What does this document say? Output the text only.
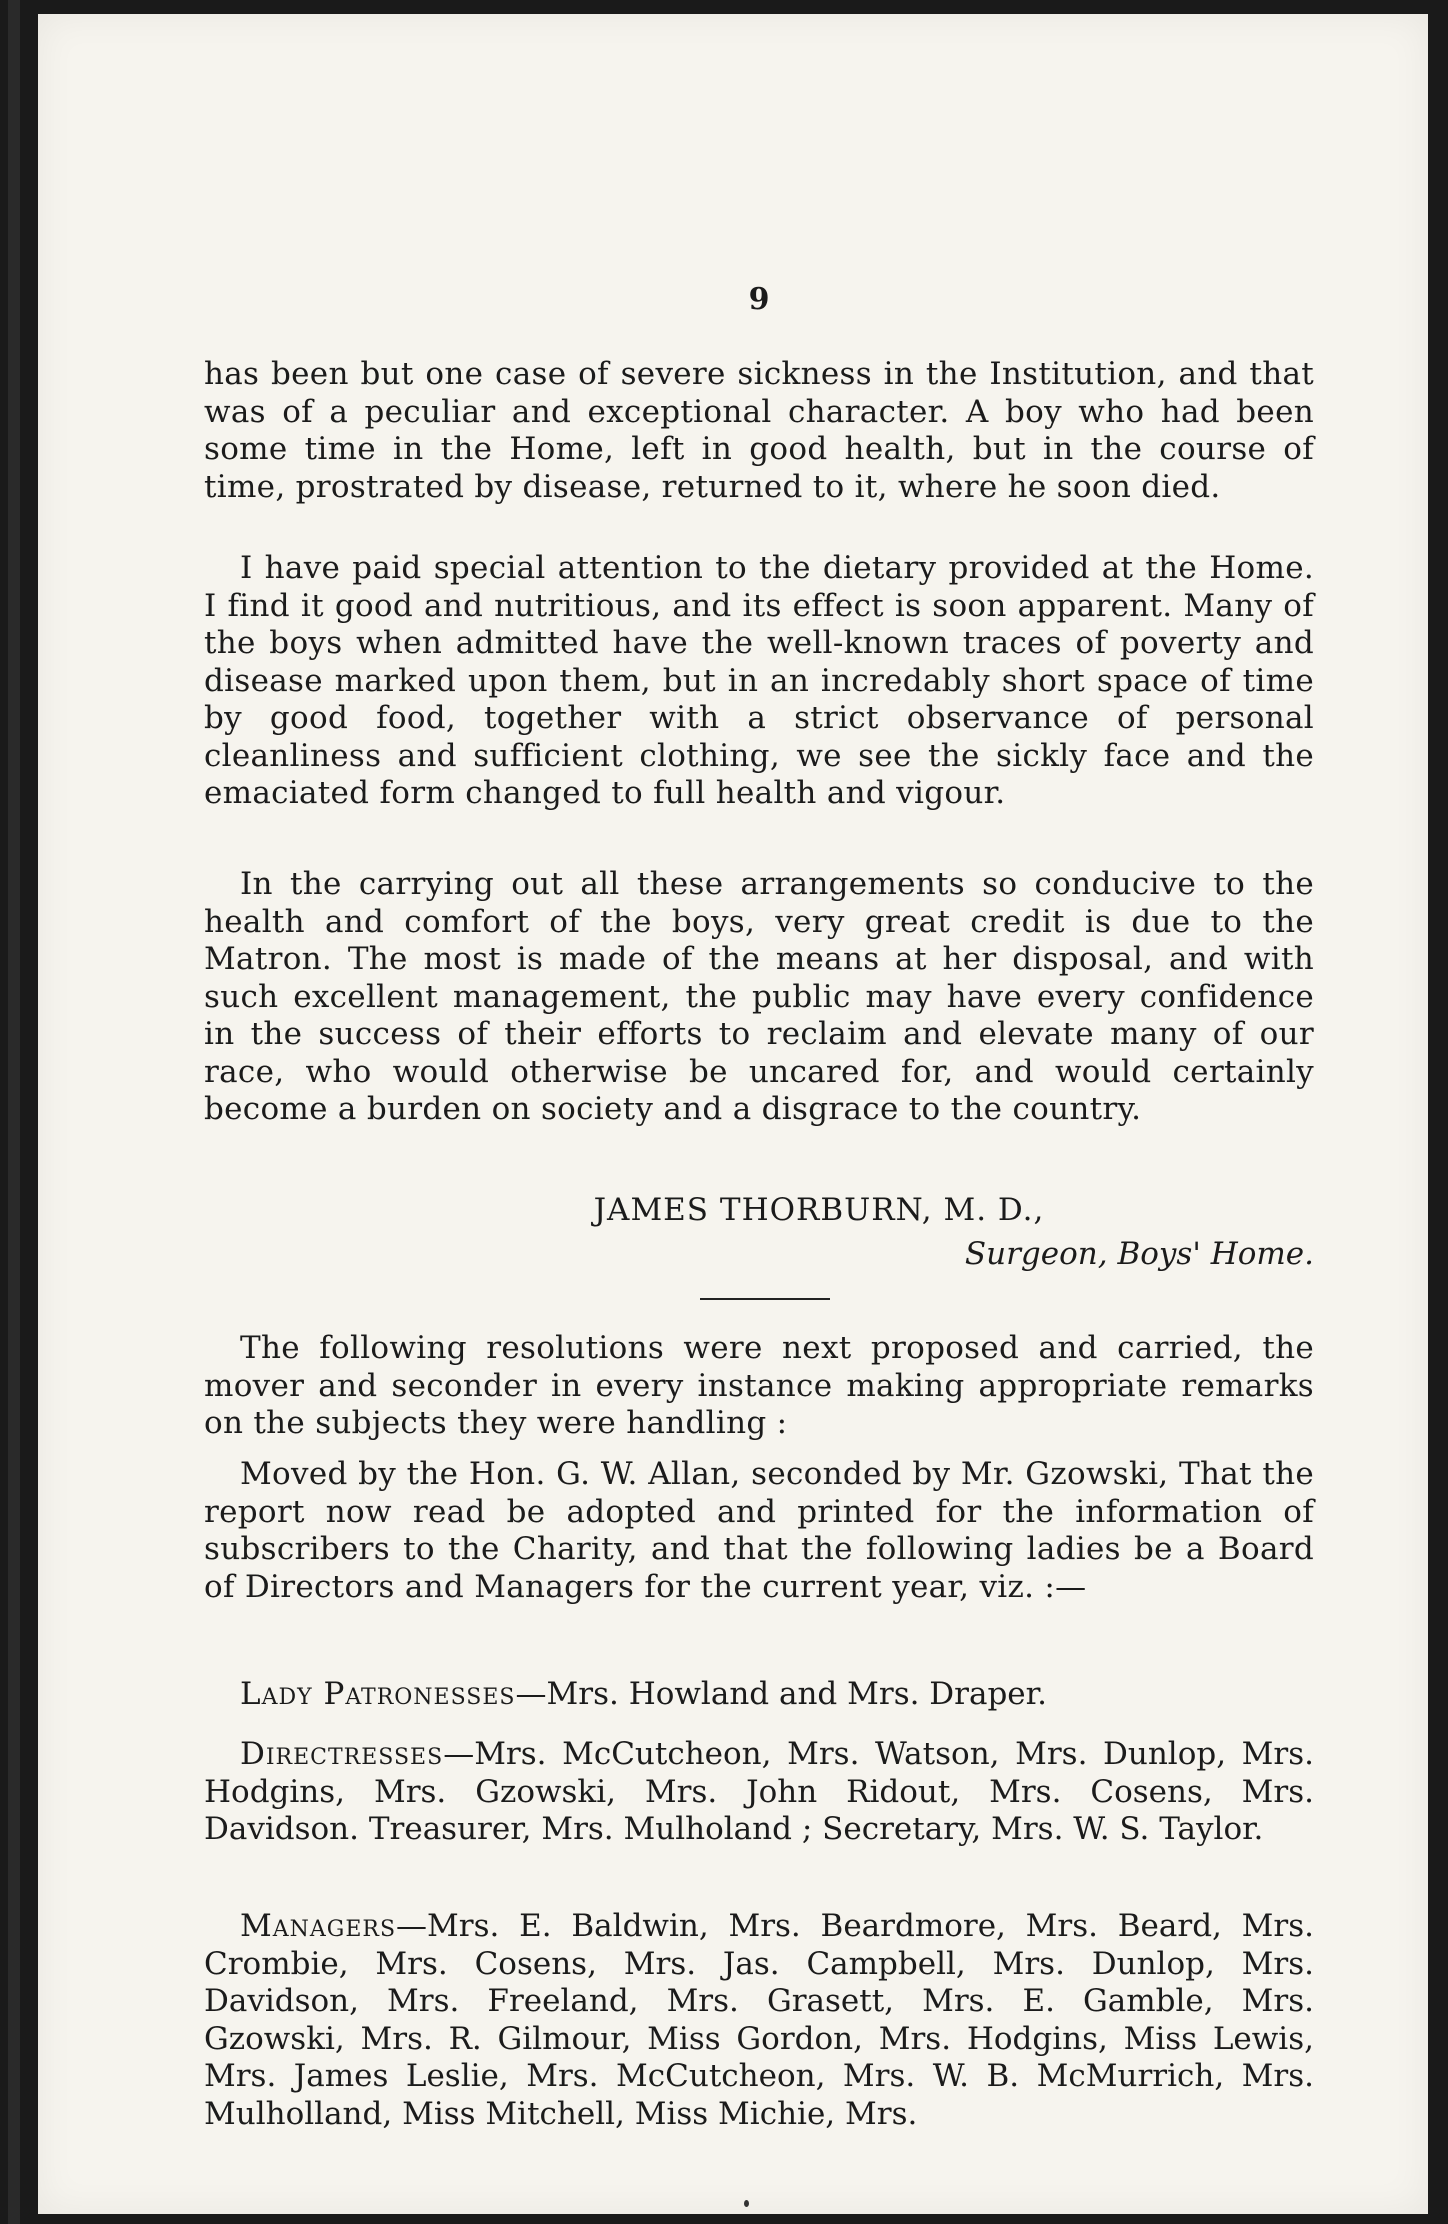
9

has been but one case of severe sickness in the Institution, and that was of a peculiar and exceptional character. A boy who had been some time in the Home, left in good health, but in the course of time, prostrated by disease, returned to it, where he soon died.

I have paid special attention to the dietary provided at the Home. I find it good and nutritious, and its effect is soon apparent. Many of the boys when admitted have the well-known traces of poverty and disease marked upon them, but in an incredably short space of time by good food, together with a strict observance of personal cleanliness and sufficient clothing, we see the sickly face and the emaciated form changed to full health and vigour.

In the carrying out all these arrangements so conducive to the health and comfort of the boys, very great credit is due to the Matron. The most is made of the means at her disposal, and with such excellent management, the public may have every confidence in the success of their efforts to reclaim and elevate many of our race, who would otherwise be uncared for, and would certainly become a burden on society and a disgrace to the country.

JAMES THORBURN, M. D.,
Surgeon, Boys' Home.

The following resolutions were next proposed and carried, the mover and seconder in every instance making appropriate remarks on the subjects they were handling :

Moved by the Hon. G. W. Allan, seconded by Mr. Gzowski, That the report now read be adopted and printed for the information of subscribers to the Charity, and that the following ladies be a Board of Directors and Managers for the current year, viz. :—

Lady Patronesses—Mrs. Howland and Mrs. Draper.

Directresses—Mrs. McCutcheon, Mrs. Watson, Mrs. Dunlop, Mrs. Hodgins, Mrs. Gzowski, Mrs. John Ridout, Mrs. Cosens, Mrs. Davidson. Treasurer, Mrs. Mulholand ; Secretary, Mrs. W. S. Taylor.

Managers—Mrs. E. Baldwin, Mrs. Beardmore, Mrs. Beard, Mrs. Crombie, Mrs. Cosens, Mrs. Jas. Campbell, Mrs. Dunlop, Mrs. Davidson, Mrs. Freeland, Mrs. Grasett, Mrs. E. Gamble, Mrs. Gzowski, Mrs. R. Gilmour, Miss Gordon, Mrs. Hodgins, Miss Lewis, Mrs. James Leslie, Mrs. McCutcheon, Mrs. W. B. McMurrich, Mrs. Mulholland, Miss Mitchell, Miss Michie, Mrs.
